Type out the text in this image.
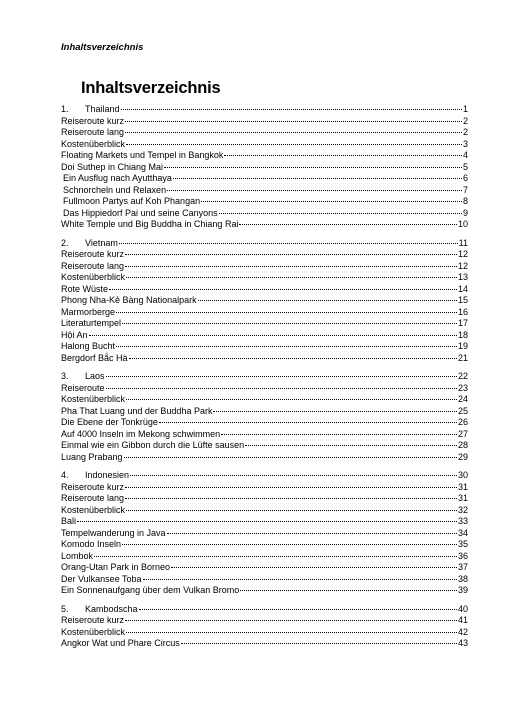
Inhaltsverzeichnis
Inhaltsverzeichnis
1. Thailand	1
Reiseroute kurz	2
Reiseroute lang	2
Kostenüberblick	3
Floating Markets und Tempel in Bangkok	4
Doi Suthep in Chiang Mai	5
Ein Ausflug nach Ayutthaya	6
Schnorcheln und Relaxen	7
Fullmoon Partys auf Koh Phangan	8
Das Hippiedorf Pai und seine Canyons	9
White Temple und Big Buddha in Chiang Rai	10
2. Vietnam	11
Reiseroute kurz	12
Reiseroute lang	12
Kostenüberblick	13
Rote Wüste	14
Phong Nha-Kẻ Bàng Nationalpark	15
Marmorberge	16
Literaturtempel	17
Hội An	18
Halong Bucht	19
Bergdorf Bắc Hà	21
3. Laos	22
Reiseroute	23
Kostenüberblick	24
Pha That Luang und der Buddha Park	25
Die Ebene der Tonkrüge	26
Auf 4000 Inseln im Mekong schwimmen	27
Einmal wie ein Gibbon durch die Lüfte sausen	28
Luang Prabang	29
4. Indonesien	30
Reiseroute kurz	31
Reiseroute lang	31
Kostenüberblick	32
Bali	33
Tempelwanderung in Java	34
Komodo Inseln	35
Lombok	36
Orang-Utan Park in Borneo	37
Der Vulkansee Toba	38
Ein Sonnenaufgang über dem Vulkan Bromo	39
5. Kambodscha	40
Reiseroute kurz	41
Kostenüberblick	42
Angkor Wat und Phare Circus	43
